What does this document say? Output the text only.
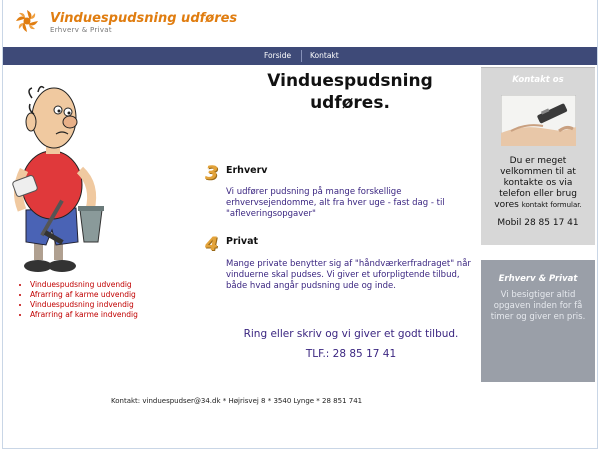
Vinduespudsning udføres
Erhverv & Privat
Forside	Kontakt
• Vinduespudsning udvendig
• Afrarring af karme udvendig
• Vinduespudsning indvendig
• Afrarring af karme indvendig
Vinduespudsning
udføres.
3 Erhverv
Vi udfører pudsning på mange forskellige erhvervsejendomme, alt fra hver uge - fast dag - til "afleveringsopgaver"
4 Privat
Mange private benytter sig af "håndværkerfradraget" når vinduerne skal pudses. Vi giver et uforpligtende tilbud, både hvad angår pudsning ude og inde.
Ring eller skriv og vi giver et godt tilbud.
TLF.: 28 85 17 41
Kontakt os
Du er meget velkommen til at kontakte os via telefon eller brug vores kontakt formular.
Mobil 28 85 17 41
Erhverv & Privat
Vi besigtiger altid opgaven inden for få timer og giver en pris.
Kontakt: vinduespudser@34.dk * Højrisvej 8 * 3540 Lynge * 28 851 741
